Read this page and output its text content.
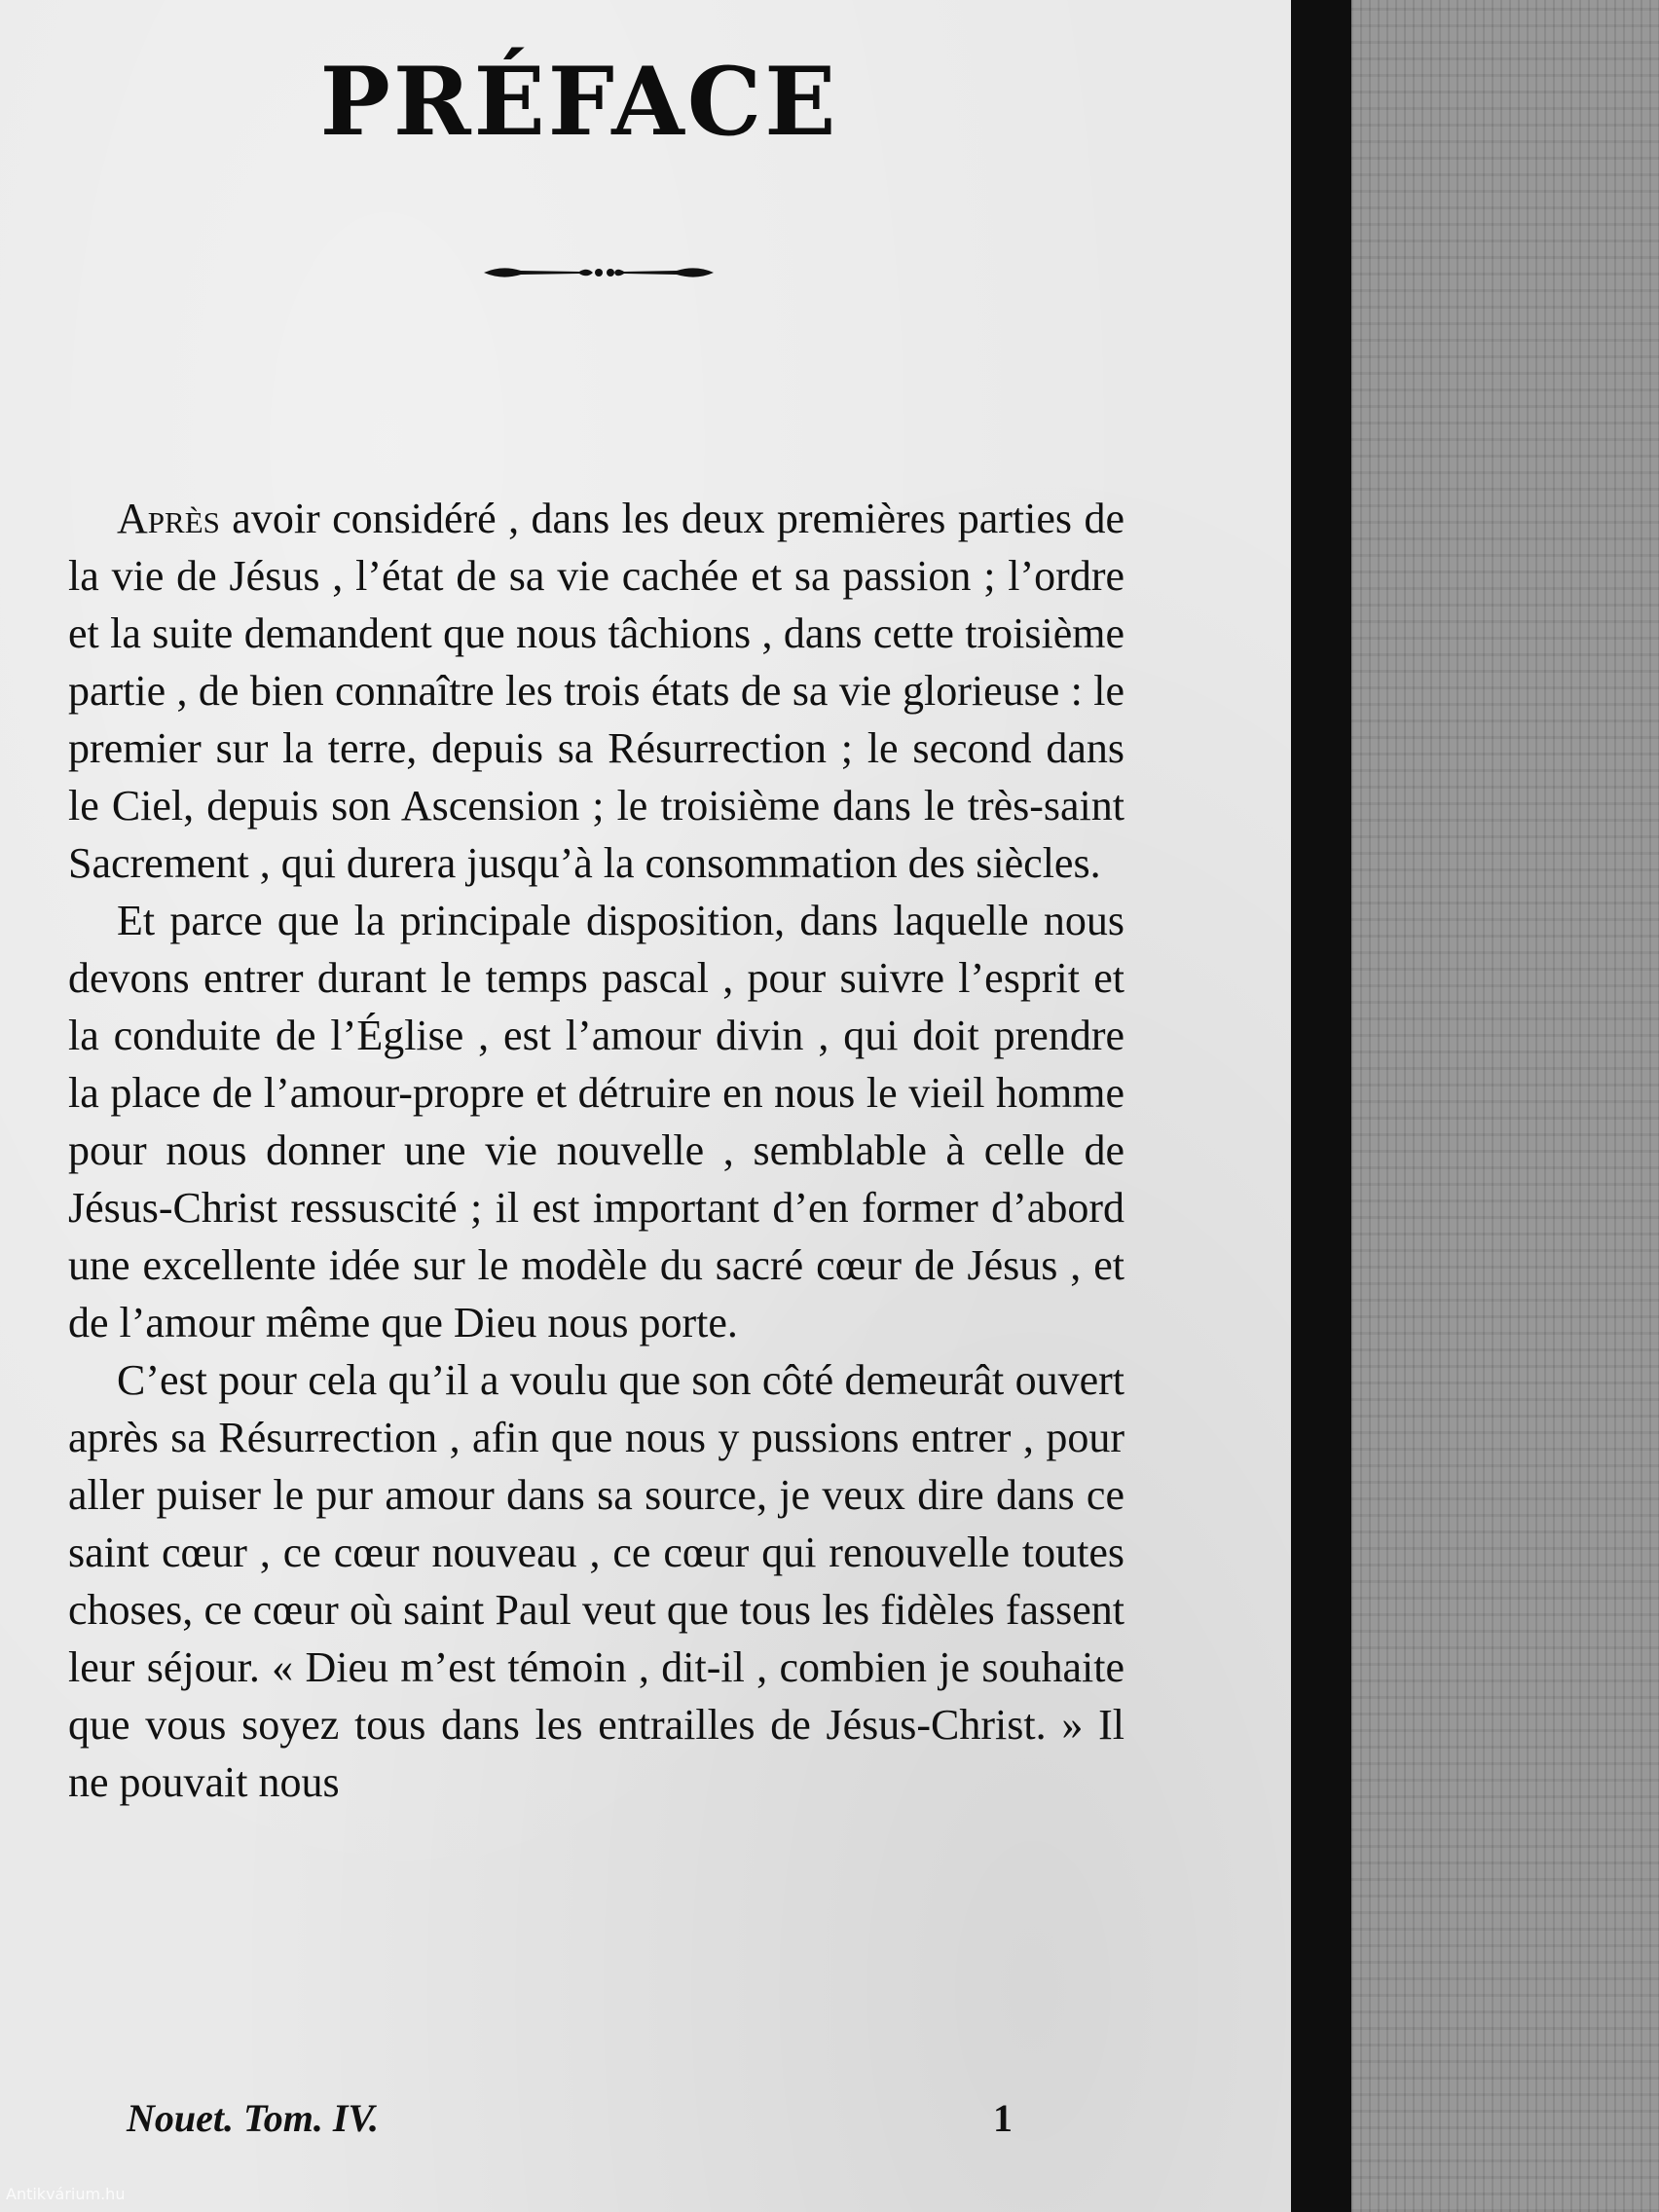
PRÉFACE

Après avoir considéré , dans les deux premières parties de la vie de Jésus , l’état de sa vie cachée et sa passion ; l’ordre et la suite demandent que nous tâchions , dans cette troisième partie , de bien connaître les trois états de sa vie glorieuse : le premier sur la terre, depuis sa Résurrection ; le second dans le Ciel, depuis son Ascension ; le troisième dans le très-saint Sacrement , qui durera jusqu’à la consommation des siècles.

Et parce que la principale disposition, dans laquelle nous devons entrer durant le temps pascal , pour suivre l’esprit et la conduite de l’Église , est l’amour divin , qui doit prendre la place de l’amour-propre et détruire en nous le vieil homme pour nous donner une vie nouvelle , semblable à celle de Jésus-Christ ressuscité ; il est important d’en former d’abord une excellente idée sur le modèle du sacré cœur de Jésus , et de l’amour même que Dieu nous porte.

C’est pour cela qu’il a voulu que son côté demeurât ouvert après sa Résurrection , afin que nous y pussions entrer , pour aller puiser le pur amour dans sa source, je veux dire dans ce saint cœur , ce cœur nouveau , ce cœur qui renouvelle toutes choses, ce cœur où saint Paul veut que tous les fidèles fassent leur séjour. « Dieu m’est témoin , dit-il , combien je souhaite que vous soyez tous dans les entrailles de Jésus-Christ. » Il ne pouvait nous

Nouet. Tom. IV.	1
Antikvárium.hu
